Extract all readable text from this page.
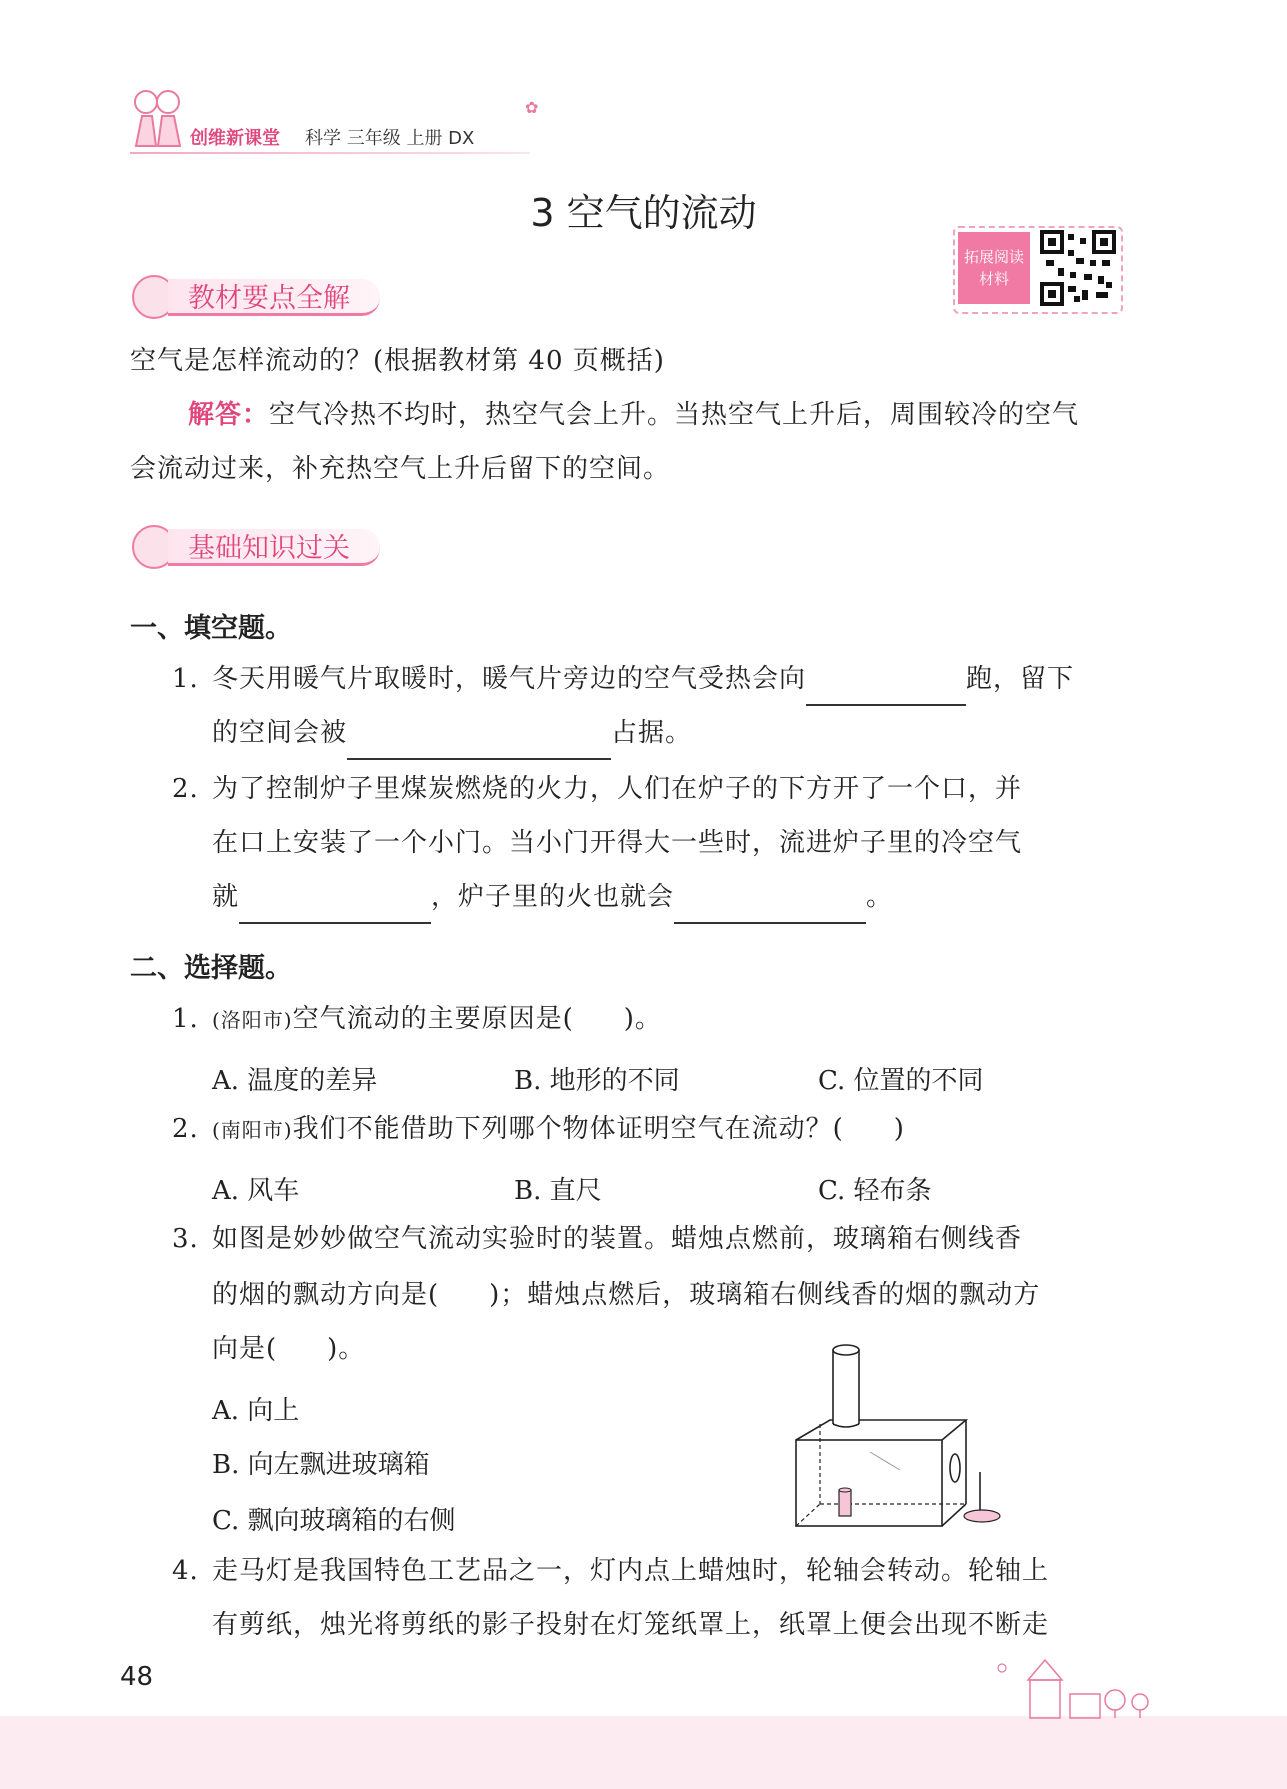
创维新课堂 科学 三年级 上册 DX
✿
3 空气的流动
拓展阅读
材料
教材要点全解
空气是怎样流动的？(根据教材第 40 页概括)
解答：空气冷热不均时，热空气会上升。当热空气上升后，周围较冷的空气
会流动过来，补充热空气上升后留下的空间。
基础知识过关
一、填空题。
1. 冬天用暖气片取暖时，暖气片旁边的空气受热会向	跑，留下
的空间会被	占据。
2. 为了控制炉子里煤炭燃烧的火力，人们在炉子的下方开了一个口，并
在口上安装了一个小门。当小门开得大一些时，流进炉子里的冷空气
就	，炉子里的火也就会	。
二、选择题。
1. (洛阳市)空气流动的主要原因是( )。
A. 温度的差异	B. 地形的不同	C. 位置的不同
2. (南阳市)我们不能借助下列哪个物体证明空气在流动？( )
A. 风车	B. 直尺	C. 轻布条
3. 如图是妙妙做空气流动实验时的装置。蜡烛点燃前，玻璃箱右侧线香
的烟的飘动方向是( )；蜡烛点燃后，玻璃箱右侧线香的烟的飘动方
向是( )。
A. 向上
B. 向左飘进玻璃箱
C. 飘向玻璃箱的右侧
4. 走马灯是我国特色工艺品之一，灯内点上蜡烛时，轮轴会转动。轮轴上
有剪纸，烛光将剪纸的影子投射在灯笼纸罩上，纸罩上便会出现不断走
48
